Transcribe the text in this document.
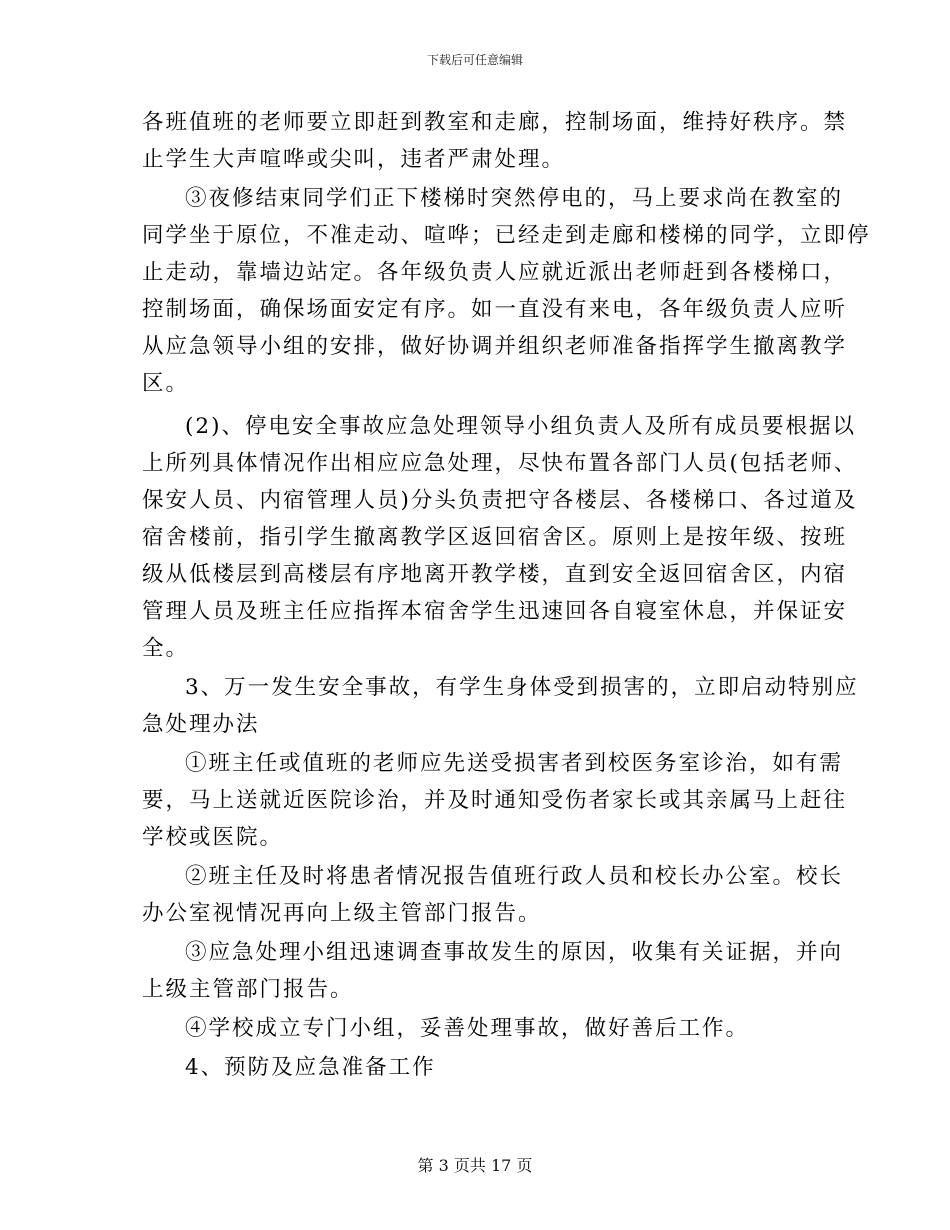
下载后可任意编辑

各班值班的老师要立即赶到教室和走廊，控制场面，维持好秩序。禁
止学生大声喧哗或尖叫，违者严肃处理。

③夜修结束同学们正下楼梯时突然停电的，马上要求尚在教室的
同学坐于原位，不准走动、喧哗；已经走到走廊和楼梯的同学，立即停
止走动，靠墙边站定。各年级负责人应就近派出老师赶到各楼梯口，
控制场面，确保场面安定有序。如一直没有来电，各年级负责人应听
从应急领导小组的安排，做好协调并组织老师准备指挥学生撤离教学
区。

(2)、停电安全事故应急处理领导小组负责人及所有成员要根据以
上所列具体情况作出相应应急处理，尽快布置各部门人员(包括老师、
保安人员、内宿管理人员)分头负责把守各楼层、各楼梯口、各过道及
宿舍楼前，指引学生撤离教学区返回宿舍区。原则上是按年级、按班
级从低楼层到高楼层有序地离开教学楼，直到安全返回宿舍区，内宿
管理人员及班主任应指挥本宿舍学生迅速回各自寝室休息，并保证安
全。

3、万一发生安全事故，有学生身体受到损害的，立即启动特别应
急处理办法

①班主任或值班的老师应先送受损害者到校医务室诊治，如有需
要，马上送就近医院诊治，并及时通知受伤者家长或其亲属马上赶往
学校或医院。

②班主任及时将患者情况报告值班行政人员和校长办公室。校长
办公室视情况再向上级主管部门报告。

③应急处理小组迅速调查事故发生的原因，收集有关证据，并向
上级主管部门报告。

④学校成立专门小组，妥善处理事故，做好善后工作。

4、预防及应急准备工作

第 3 页共 17 页
